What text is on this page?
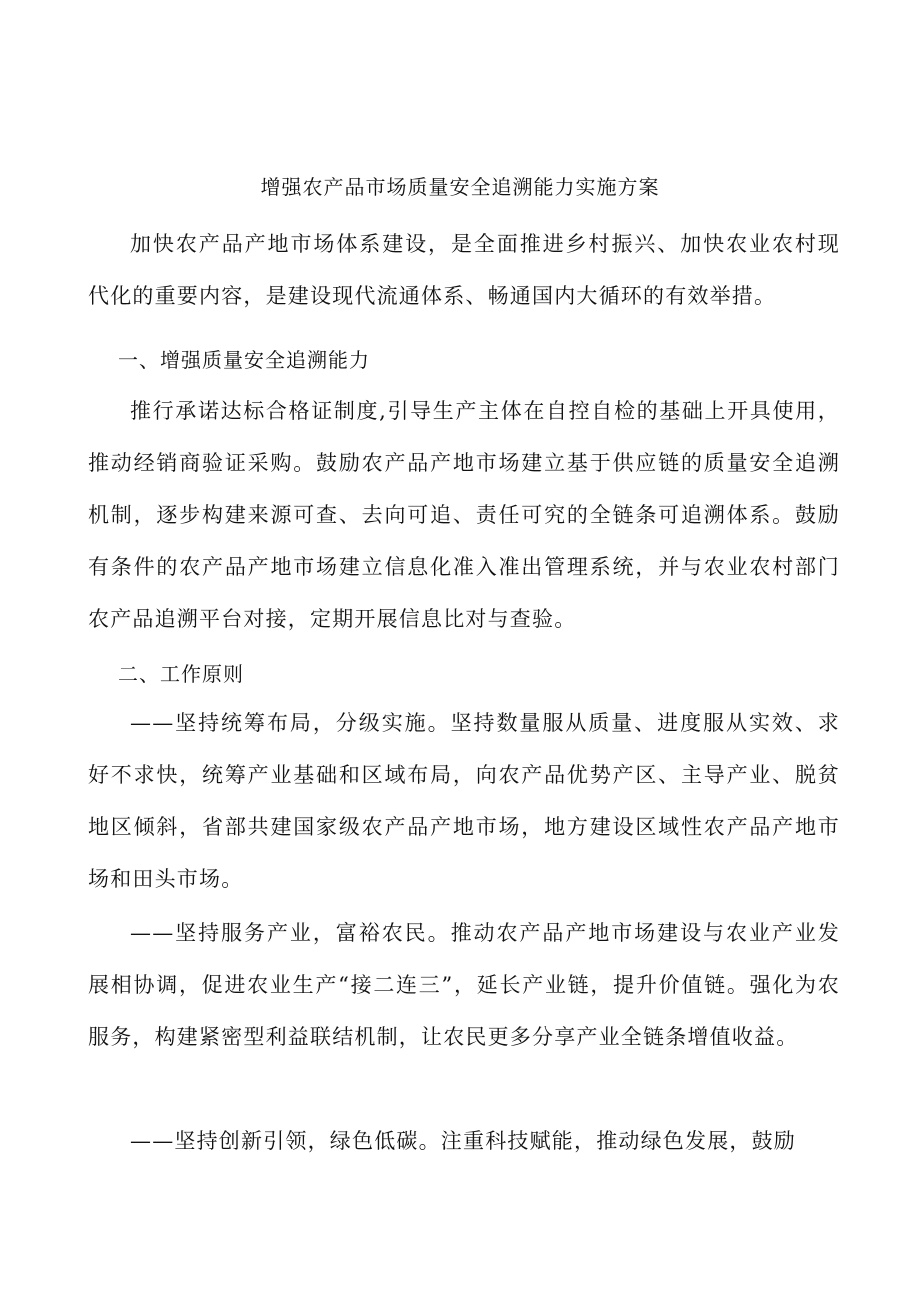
增强农产品市场质量安全追溯能力实施方案

加快农产品产地市场体系建设，是全面推进乡村振兴、加快农业农村现代化的重要内容，是建设现代流通体系、畅通国内大循环的有效举措。

一、增强质量安全追溯能力

推行承诺达标合格证制度,引导生产主体在自控自检的基础上开具使用，推动经销商验证采购。鼓励农产品产地市场建立基于供应链的质量安全追溯机制，逐步构建来源可查、去向可追、责任可究的全链条可追溯体系。鼓励有条件的农产品产地市场建立信息化准入准出管理系统，并与农业农村部门农产品追溯平台对接，定期开展信息比对与查验。

二、工作原则

——坚持统筹布局，分级实施。坚持数量服从质量、进度服从实效、求好不求快，统筹产业基础和区域布局，向农产品优势产区、主导产业、脱贫地区倾斜，省部共建国家级农产品产地市场，地方建设区域性农产品产地市场和田头市场。

——坚持服务产业，富裕农民。推动农产品产地市场建设与农业产业发展相协调，促进农业生产“接二连三”，延长产业链，提升价值链。强化为农服务，构建紧密型利益联结机制，让农民更多分享产业全链条增值收益。

——坚持创新引领，绿色低碳。注重科技赋能，推动绿色发展，鼓励
